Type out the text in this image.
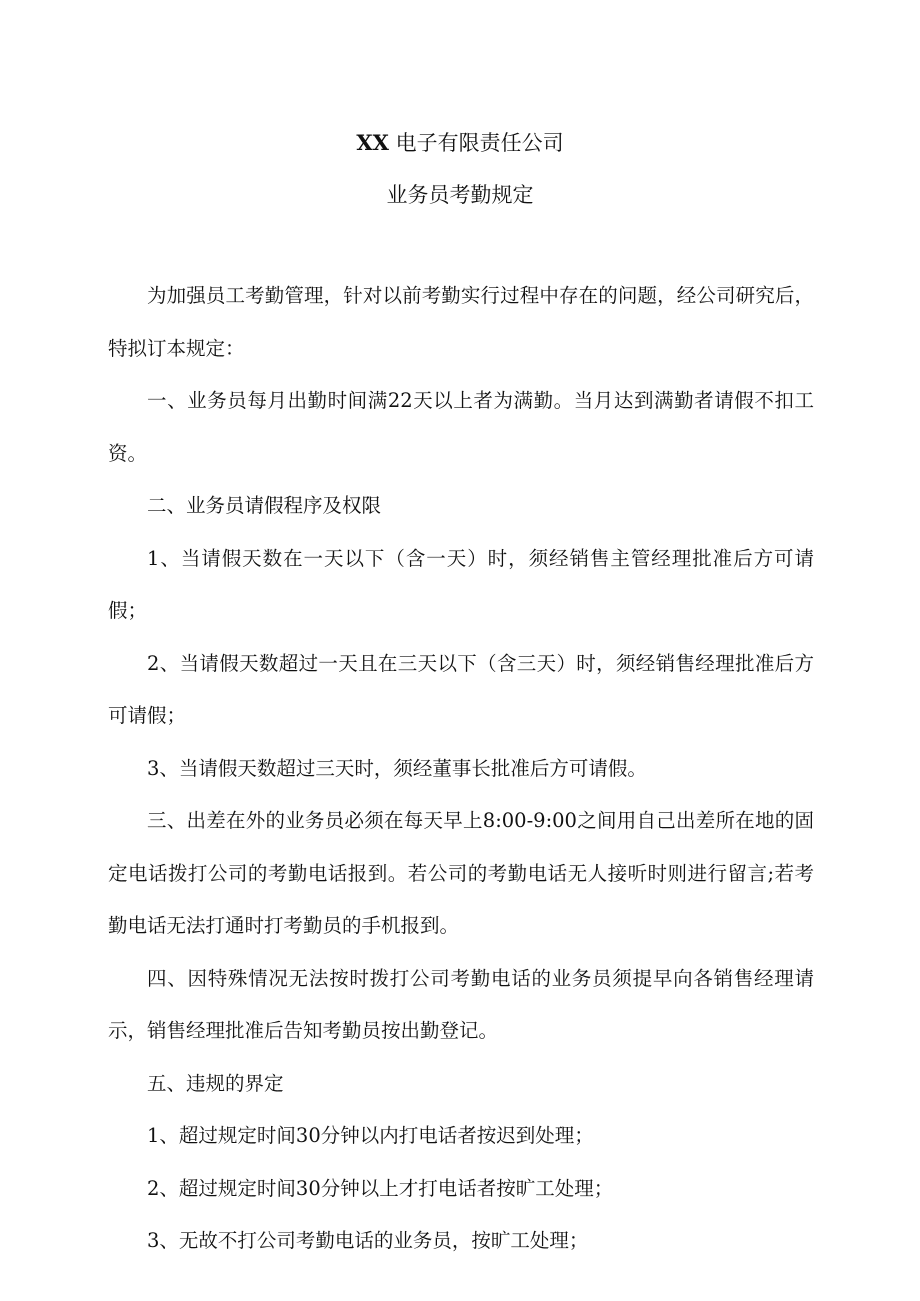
XX 电子有限责任公司
业务员考勤规定

为加强员工考勤管理，针对以前考勤实行过程中存在的问题，经公司研究后，特拟订本规定：

一、业务员每月出勤时间满22天以上者为满勤。当月达到满勤者请假不扣工资。

二、业务员请假程序及权限

1、当请假天数在一天以下（含一天）时，须经销售主管经理批准后方可请假；

2、当请假天数超过一天且在三天以下（含三天）时，须经销售经理批准后方可请假；

3、当请假天数超过三天时，须经董事长批准后方可请假。

三、出差在外的业务员必须在每天早上8:00-9:00之间用自己出差所在地的固定电话拨打公司的考勤电话报到。若公司的考勤电话无人接听时则进行留言;若考勤电话无法打通时打考勤员的手机报到。

四、因特殊情况无法按时拨打公司考勤电话的业务员须提早向各销售经理请示，销售经理批准后告知考勤员按出勤登记。

五、违规的界定

1、超过规定时间30分钟以内打电话者按迟到处理；

2、超过规定时间30分钟以上才打电话者按旷工处理；

3、无故不打公司考勤电话的业务员，按旷工处理；
